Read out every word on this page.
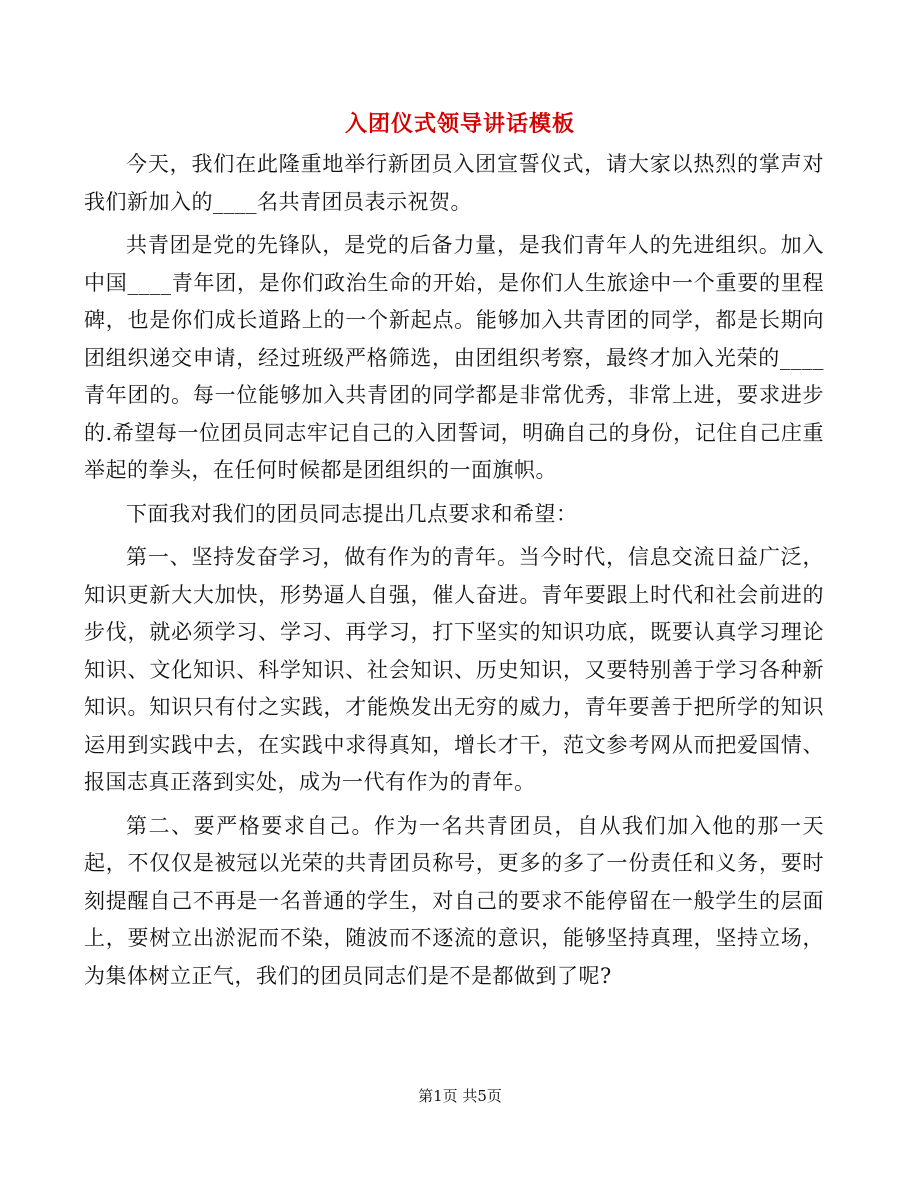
入团仪式领导讲话模板

今天，我们在此隆重地举行新团员入团宣誓仪式，请大家以热烈的掌声对我们新加入的____名共青团员表示祝贺。

共青团是党的先锋队，是党的后备力量，是我们青年人的先进组织。加入中国____青年团，是你们政治生命的开始，是你们人生旅途中一个重要的里程碑，也是你们成长道路上的一个新起点。能够加入共青团的同学，都是长期向团组织递交申请，经过班级严格筛选，由团组织考察，最终才加入光荣的____青年团的。每一位能够加入共青团的同学都是非常优秀，非常上进，要求进步的.希望每一位团员同志牢记自己的入团誓词，明确自己的身份，记住自己庄重举起的拳头，在任何时候都是团组织的一面旗帜。

下面我对我们的团员同志提出几点要求和希望：

第一、坚持发奋学习，做有作为的青年。当今时代，信息交流日益广泛，知识更新大大加快，形势逼人自强，催人奋进。青年要跟上时代和社会前进的步伐，就必须学习、学习、再学习，打下坚实的知识功底，既要认真学习理论知识、文化知识、科学知识、社会知识、历史知识，又要特别善于学习各种新知识。知识只有付之实践，才能焕发出无穷的威力，青年要善于把所学的知识运用到实践中去，在实践中求得真知，增长才干，范文参考网从而把爱国情、报国志真正落到实处，成为一代有作为的青年。

第二、要严格要求自己。作为一名共青团员，自从我们加入他的那一天起，不仅仅是被冠以光荣的共青团员称号，更多的多了一份责任和义务，要时刻提醒自己不再是一名普通的学生，对自己的要求不能停留在一般学生的层面上，要树立出淤泥而不染，随波而不逐流的意识，能够坚持真理，坚持立场，为集体树立正气，我们的团员同志们是不是都做到了呢?

第1页 共5页
